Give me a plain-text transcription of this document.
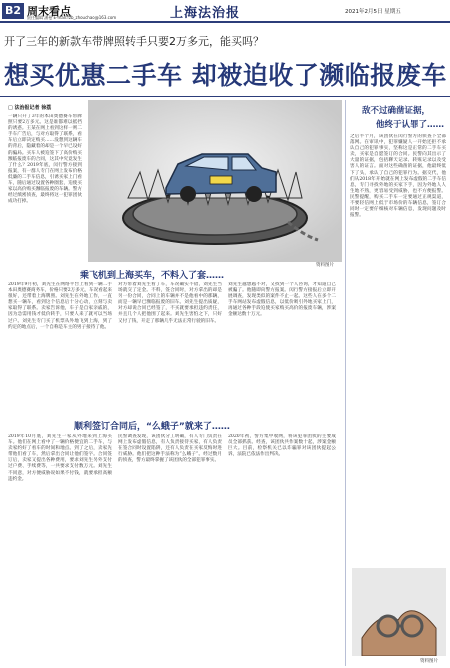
B2 周末看点
责任编辑 潘曼 E-mail:fzb_zhouchao@163.com	上海法治报	2021年2月5日 星期五
开了三年的新款车带牌照转手只要2万多元，能买吗？
想买优惠二手车 却被迫收了濒临报废车
□ 法治报记者 徐荔
一辆只开了3年的本田奥德赛车带牌照只要2万多元。这是谁都难以抵挡的诱惑。王某在网上看到这样一则二手车广告后，与对方取得了联系，看车后立即决定购买……没想到这辆车的背后，隐藏着的却是一个早已设好的骗局。买车人被迫签下了高价购买濒临报废车的合同，这其中究竟发生了什么？2019年底，闵行警方接到报案，有一群人专门在网上发布价格低廉的二手车信息，引诱买家上门看车，随后通过设置各种圈套，迫使买家以高价购买濒临报废的车辆。警方经过缜密侦查，最终将这一犯罪团伙成功打掉。
资料图片
乘飞机到上海买车，不料入了套……
2019年9月初，刘先生在网络平台上看到一辆二手本田奥德赛商务车，价格只要2万多元，车况看起来很好，还带着上海牌照。刘先生在外地工作，一直想买一辆车，看到这个信息后十分心动，立刻与卖家取得了联系。卖家告诉他，车子是自家亲戚的，因为急需用钱才低价转手，只要人来了就可以当场过户。刘先生专门买了机票从外地飞到上海，到了约定的地点后，一个自称是车主的男子接待了他。
对方带着刘先生看了车，车况确实不错，刘先生当场就交了定金。不料，签合同时，对方拿出的却是另一份合同，合同上的车辆并不是他看中的那辆，而是一辆早已濒临报废的旧车。刘先生提出质疑，对方却说合同已经签了，不买就要承担违约责任，并且几个人把他围了起来。刘先生害怕之下，只好又付了钱，开走了那辆几乎无法正常行驶的旧车。
刘先生越想越不对，又找到一个人咨询，才知道自己被骗了。他随即向警方报案。闵行警方接报后立即开展调查，发现类似的案件不止一起。这些人在多个二手车网站发布虚假信息，以低价吸引外地买家上门，再通过各种手段迫使买家购买高价的报废车辆，涉案金额达数十万元。
顺利签订合同后，“么蛾子”就来了……
2019年10月底，刘先生一家从外地来到上海买车。他们在网上看中了一辆价格便宜的二手车，与卖家约好了看车的时间和地点。到了之后，卖家先带他们看了车，然后拿出合同让他们签字。合同签订后，卖家又提出各种费用，要求刘先生另外支付过户费、手续费等，一共要求支付数万元。刘先生不同意，对方便威胁说如果不付钱，就要承担高额违约金。
民警调查发现，该团伙分工明确，有人专门负责在网上发布虚假信息，有人负责接待买家，有人负责在签合同时设置陷阱，还有人负责在买家反悔时进行威胁。他们把这种手法称为“么蛾子”。经过数月的侦查，警方最终掌握了该团伙的全部犯罪事实。
2020年初，警方集中收网，将该犯罪团伙的主要成员全部抓获。经查，该团伙共作案数十起，涉案金额巨大。目前，检察机关已以诈骗罪对该团伙提起公诉，法院已依法作出判决。
敌不过确凿证据，
他终于认罪了……
之后半个月，该团伙在闵行警方的侦查下全部落网。在审讯中，犯罪嫌疑人一开始还拒不承认自己的犯罪事实，坚称这是正常的二手车买卖，买家是自愿签订的合同。民警向其出示了大量的证据，包括聊天记录、转账记录以及受害人的证言。面对这些确凿的证据，他最终低下了头，承认了自己的犯罪行为。据交代，他们从2018年开始就在网上发布虚假的二手车信息，专门寻找外地的买家下手，因为外地人人生地不熟，更容易受到威胁，也不方便报警。民警提醒，购买二手车一定要通过正规渠道，不要轻信网上低于市场价的车辆信息，签订合同时一定要仔细核对车辆信息，发现问题及时报警。
资料图片
